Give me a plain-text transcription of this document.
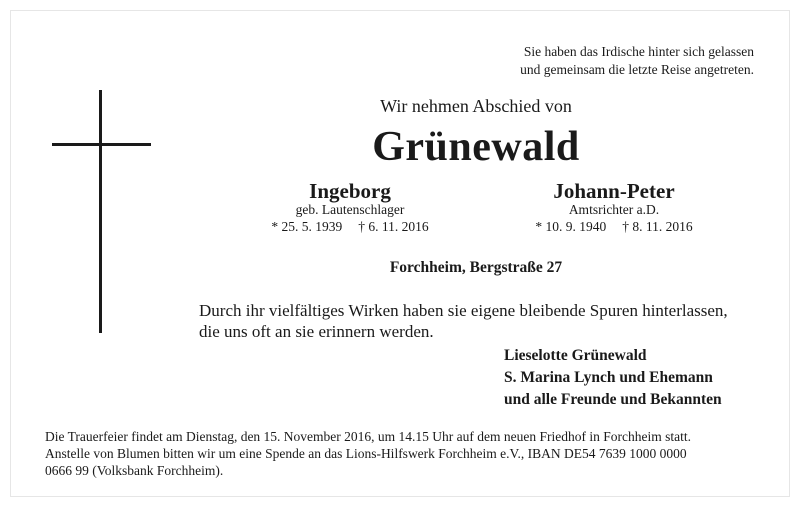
Sie haben das Irdische hinter sich gelassen
und gemeinsam die letzte Reise angetreten.
Wir nehmen Abschied von
Grünewald
Ingeborg
geb. Lautenschlager
* 25. 5. 1939 † 6. 11. 2016
Johann-Peter
Amtsrichter a.D.
* 10. 9. 1940 † 8. 11. 2016
Forchheim, Bergstraße 27
Durch ihr vielfältiges Wirken haben sie eigene bleibende Spuren hinterlassen,
die uns oft an sie erinnern werden.
Lieselotte Grünewald
S. Marina Lynch und Ehemann
und alle Freunde und Bekannten
Die Trauerfeier findet am Dienstag, den 15. November 2016, um 14.15 Uhr auf dem neuen Friedhof in Forchheim statt.
Anstelle von Blumen bitten wir um eine Spende an das Lions-Hilfswerk Forchheim e.V., IBAN DE54 7639 1000 0000
0666 99 (Volksbank Forchheim).
